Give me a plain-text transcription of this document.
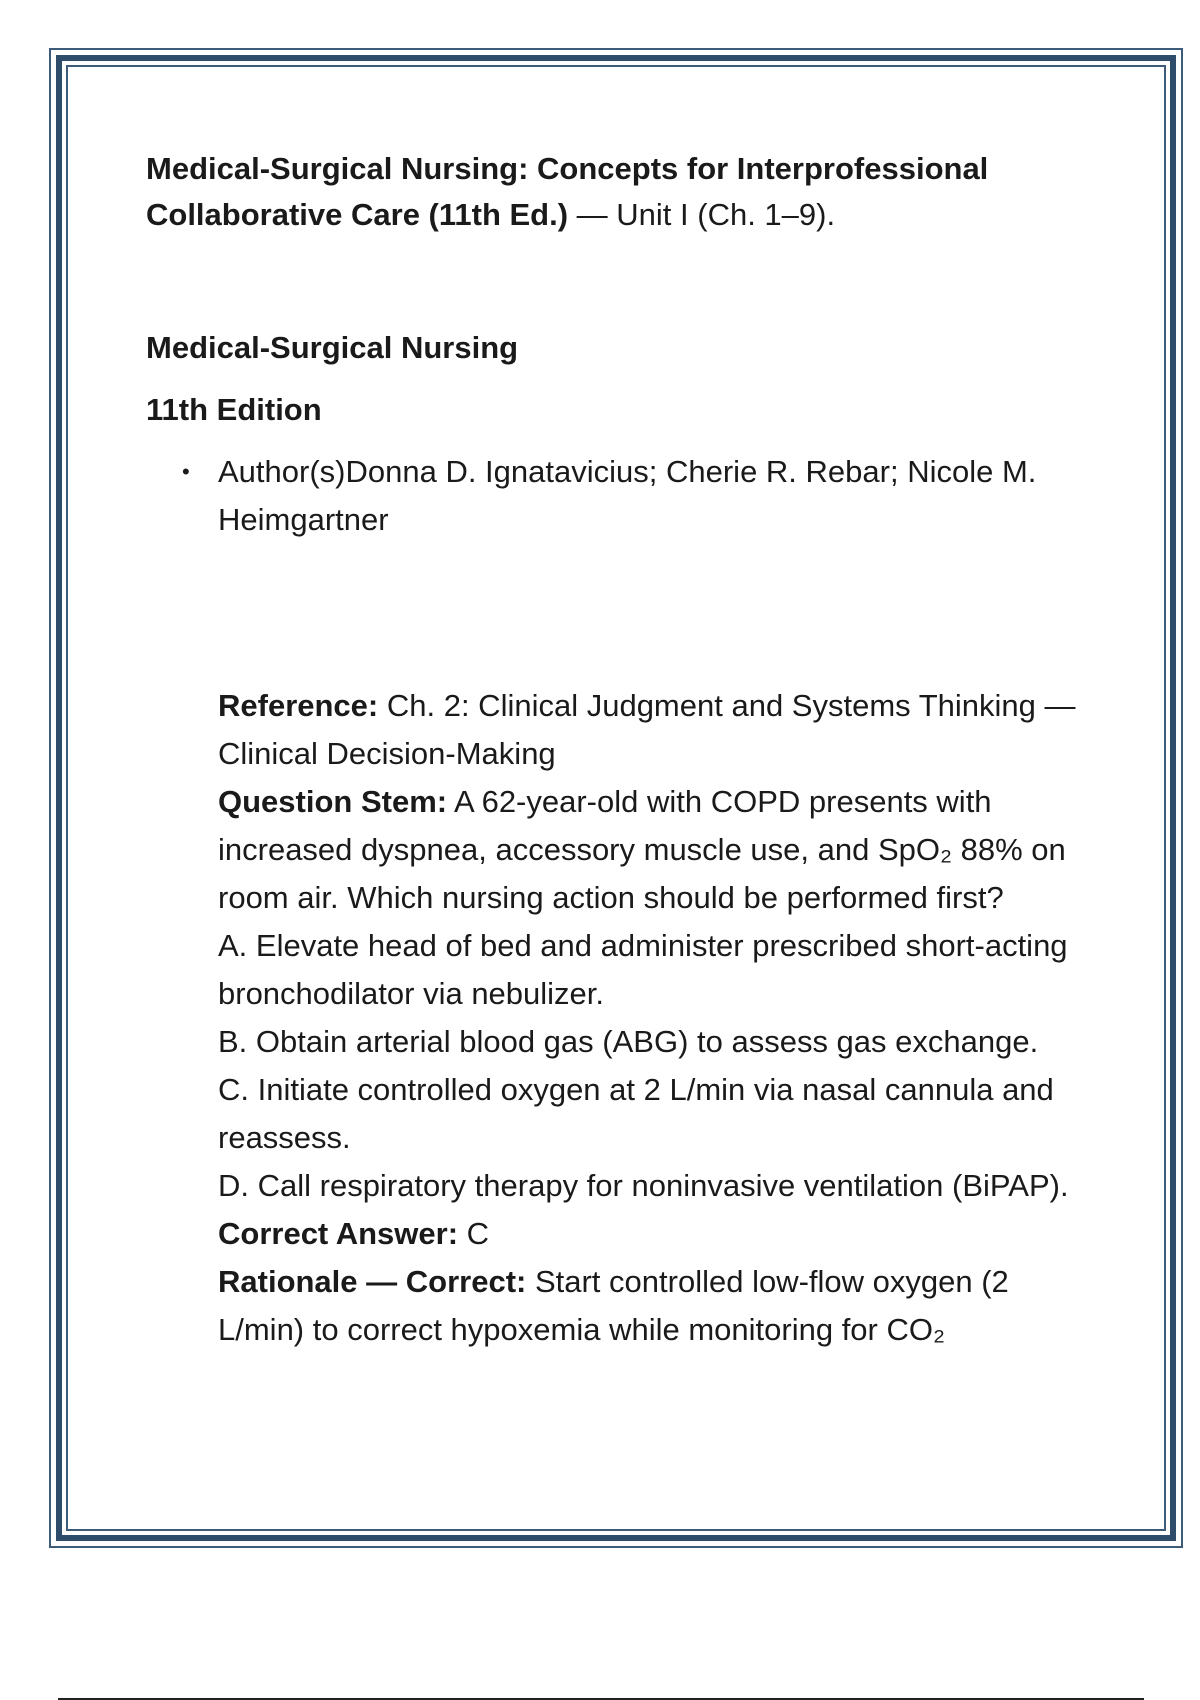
Medical-Surgical Nursing: Concepts for Interprofessional Collaborative Care (11th Ed.) — Unit I (Ch. 1–9).

Medical-Surgical Nursing

11th Edition

• Author(s)Donna D. Ignatavicius; Cherie R. Rebar; Nicole M. Heimgartner

Reference: Ch. 2: Clinical Judgment and Systems Thinking — Clinical Decision-Making

Question Stem: A 62-year-old with COPD presents with increased dyspnea, accessory muscle use, and SpO₂ 88% on room air. Which nursing action should be performed first?

A. Elevate head of bed and administer prescribed short-acting bronchodilator via nebulizer.

B. Obtain arterial blood gas (ABG) to assess gas exchange.

C. Initiate controlled oxygen at 2 L/min via nasal cannula and reassess.

D. Call respiratory therapy for noninvasive ventilation (BiPAP).

Correct Answer: C

Rationale — Correct: Start controlled low-flow oxygen (2 L/min) to correct hypoxemia while monitoring for CO₂
